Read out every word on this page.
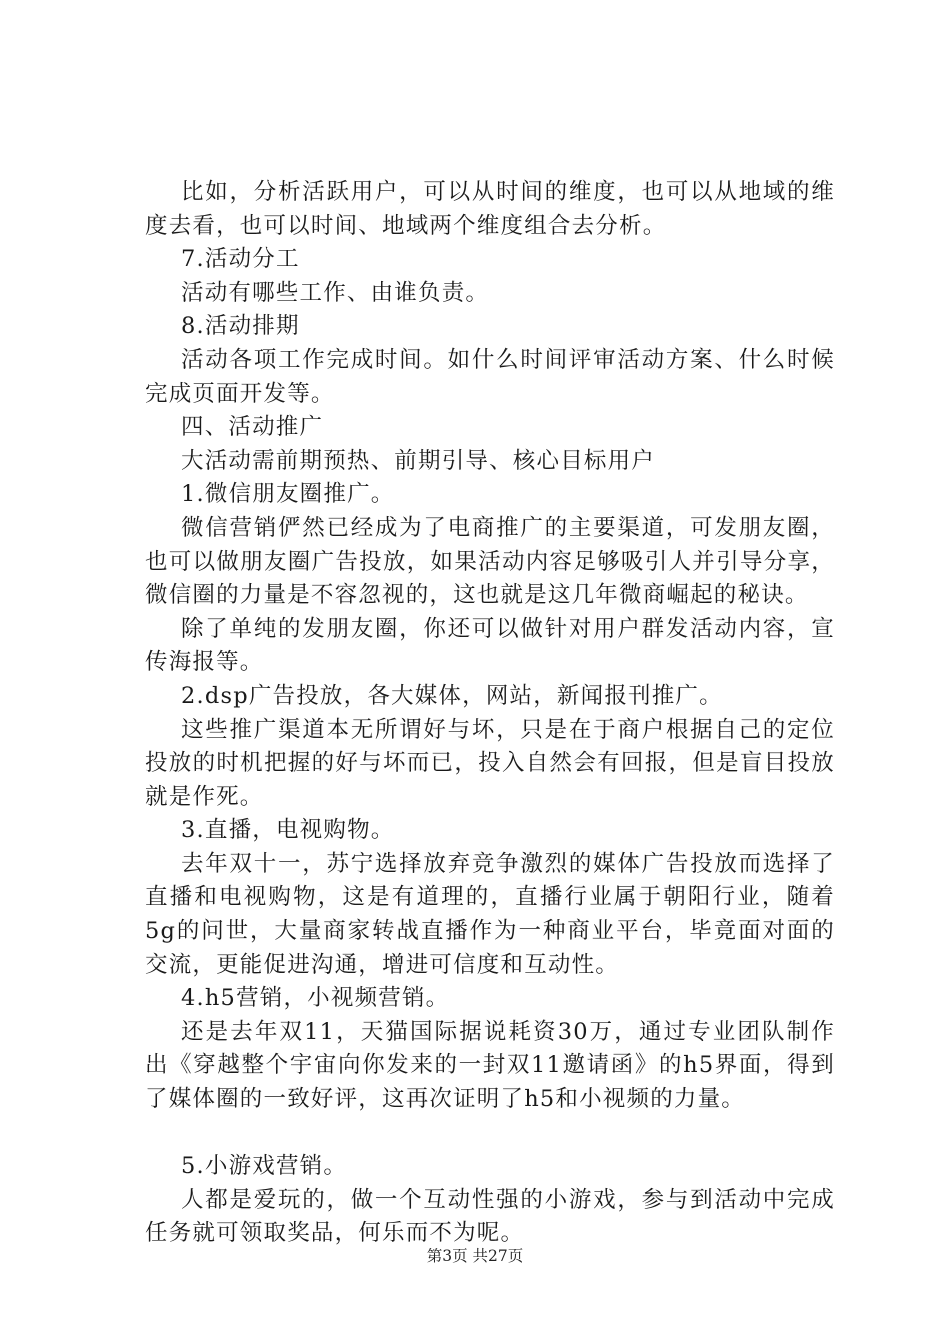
比如，分析活跃用户，可以从时间的维度，也可以从地域的维度去看，也可以时间、地域两个维度组合去分析。

7.活动分工

活动有哪些工作、由谁负责。

8.活动排期

活动各项工作完成时间。如什么时间评审活动方案、什么时候完成页面开发等。

四、活动推广

大活动需前期预热、前期引导、核心目标用户

1.微信朋友圈推广。

微信营销俨然已经成为了电商推广的主要渠道，可发朋友圈，也可以做朋友圈广告投放，如果活动内容足够吸引人并引导分享，微信圈的力量是不容忽视的，这也就是这几年微商崛起的秘诀。

除了单纯的发朋友圈，你还可以做针对用户群发活动内容，宣传海报等。

2.dsp广告投放，各大媒体，网站，新闻报刊推广。

这些推广渠道本无所谓好与坏，只是在于商户根据自己的定位投放的时机把握的好与坏而已，投入自然会有回报，但是盲目投放就是作死。

3.直播，电视购物。

去年双十一，苏宁选择放弃竞争激烈的媒体广告投放而选择了直播和电视购物，这是有道理的，直播行业属于朝阳行业，随着5g的问世，大量商家转战直播作为一种商业平台，毕竟面对面的交流，更能促进沟通，增进可信度和互动性。

4.h5营销，小视频营销。

还是去年双11，天猫国际据说耗资30万，通过专业团队制作出《穿越整个宇宙向你发来的一封双11邀请函》的h5界面，得到了媒体圈的一致好评，这再次证明了h5和小视频的力量。

5.小游戏营销。

人都是爱玩的，做一个互动性强的小游戏，参与到活动中完成任务就可领取奖品，何乐而不为呢。

第3页 共27页
